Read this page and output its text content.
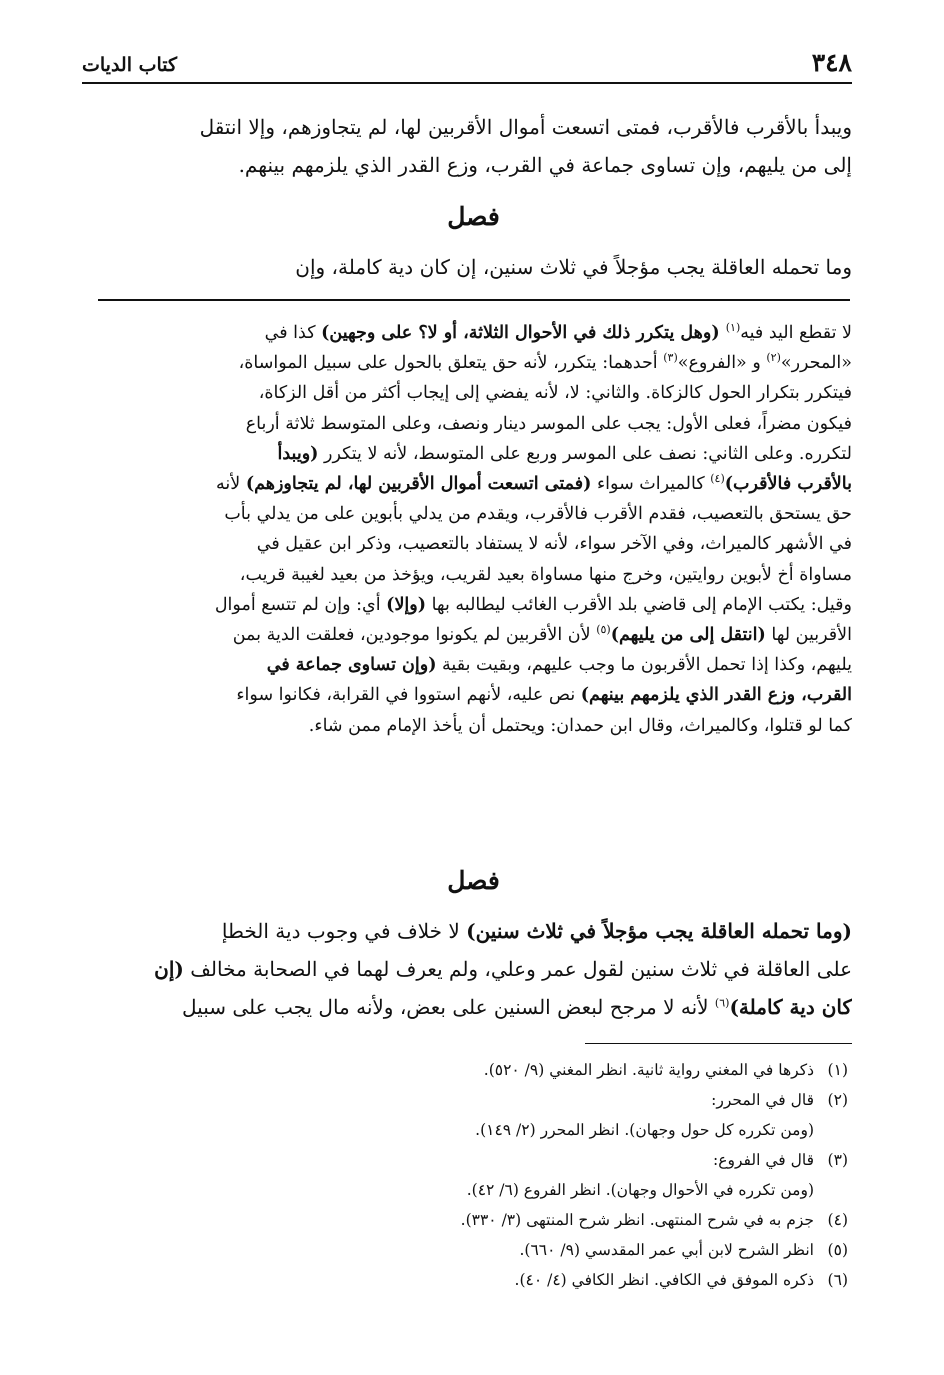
٣٤٨
كتاب الديات
ويبدأ بالأقرب فالأقرب، فمتى اتسعت أموال الأقربين لها، لم يتجاوزهم، وإلا انتقل
إلى من يليهم، وإن تساوى جماعة في القرب، وزع القدر الذي يلزمهم بينهم.
فصل
وما تحمله العاقلة يجب مؤجلاً في ثلاث سنين، إن كان دية كاملة، وإن
لا تقطع اليد فيه$^{(١)}$ (وهل يتكرر ذلك في الأحوال الثلاثة، أو لا؟ على وجهين) كذا في
«المحرر»$^{(٢)}$ و «الفروع»$^{(٣)}$ أحدهما: يتكرر، لأنه حق يتعلق بالحول على سبيل المواساة،
فيتكرر بتكرار الحول كالزكاة. والثاني: لا، لأنه يفضي إلى إيجاب أكثر من أقل الزكاة،
فيكون مضراً، فعلى الأول: يجب على الموسر دينار ونصف، وعلى المتوسط ثلاثة أرباع
لتكرره. وعلى الثاني: نصف على الموسر وربع على المتوسط، لأنه لا يتكرر (ويبدأ
بالأقرب فالأقرب)$^{(٤)}$ كالميراث سواء (فمتى اتسعت أموال الأقربين لها، لم يتجاوزهم) لأنه
حق يستحق بالتعصيب، فقدم الأقرب فالأقرب، ويقدم من يدلي بأبوين على من يدلي بأب
في الأشهر كالميراث، وفي الآخر سواء، لأنه لا يستفاد بالتعصيب، وذكر ابن عقيل في
مساواة أخ لأبوين روايتين، وخرج منها مساواة بعيد لقريب، ويؤخذ من بعيد لغيبة قريب،
وقيل: يكتب الإمام إلى قاضي بلد الأقرب الغائب ليطالبه بها (وإلا) أي: وإن لم تتسع أموال
الأقربين لها (انتقل إلى من يليهم)$^{(٥)}$ لأن الأقربين لم يكونوا موجودين، فعلقت الدية بمن
يليهم، وكذا إذا تحمل الأقربون ما وجب عليهم، وبقيت بقية (وإن تساوى جماعة في
القرب، وزع القدر الذي يلزمهم بينهم) نص عليه، لأنهم استووا في القرابة، فكانوا سواء
كما لو قتلوا، وكالميراث، وقال ابن حمدان: ويحتمل أن يأخذ الإمام ممن شاء.
فصل
(وما تحمله العاقلة يجب مؤجلاً في ثلاث سنين) لا خلاف في وجوب دية الخطإ
على العاقلة في ثلاث سنين لقول عمر وعلي، ولم يعرف لهما في الصحابة مخالف (إن
كان دية كاملة)$^{(٦)}$ لأنه لا مرجح لبعض السنين على بعض، ولأنه مال يجب على سبيل
(١)ذكرها في المغني رواية ثانية. انظر المغني (٩/ ٥٢٠).
(٢)قال في المحرر:
(ومن تكرره كل حول وجهان). انظر المحرر (٢/ ١٤٩).
(٣)قال في الفروع:
(ومن تكرره في الأحوال وجهان). انظر الفروع (٦/ ٤٢).
(٤)جزم به في شرح المنتهى. انظر شرح المنتهى (٣/ ٣٣٠).
(٥)انظر الشرح لابن أبي عمر المقدسي (٩/ ٦٦٠).
(٦)ذكره الموفق في الكافي. انظر الكافي (٤/ ٤٠).
